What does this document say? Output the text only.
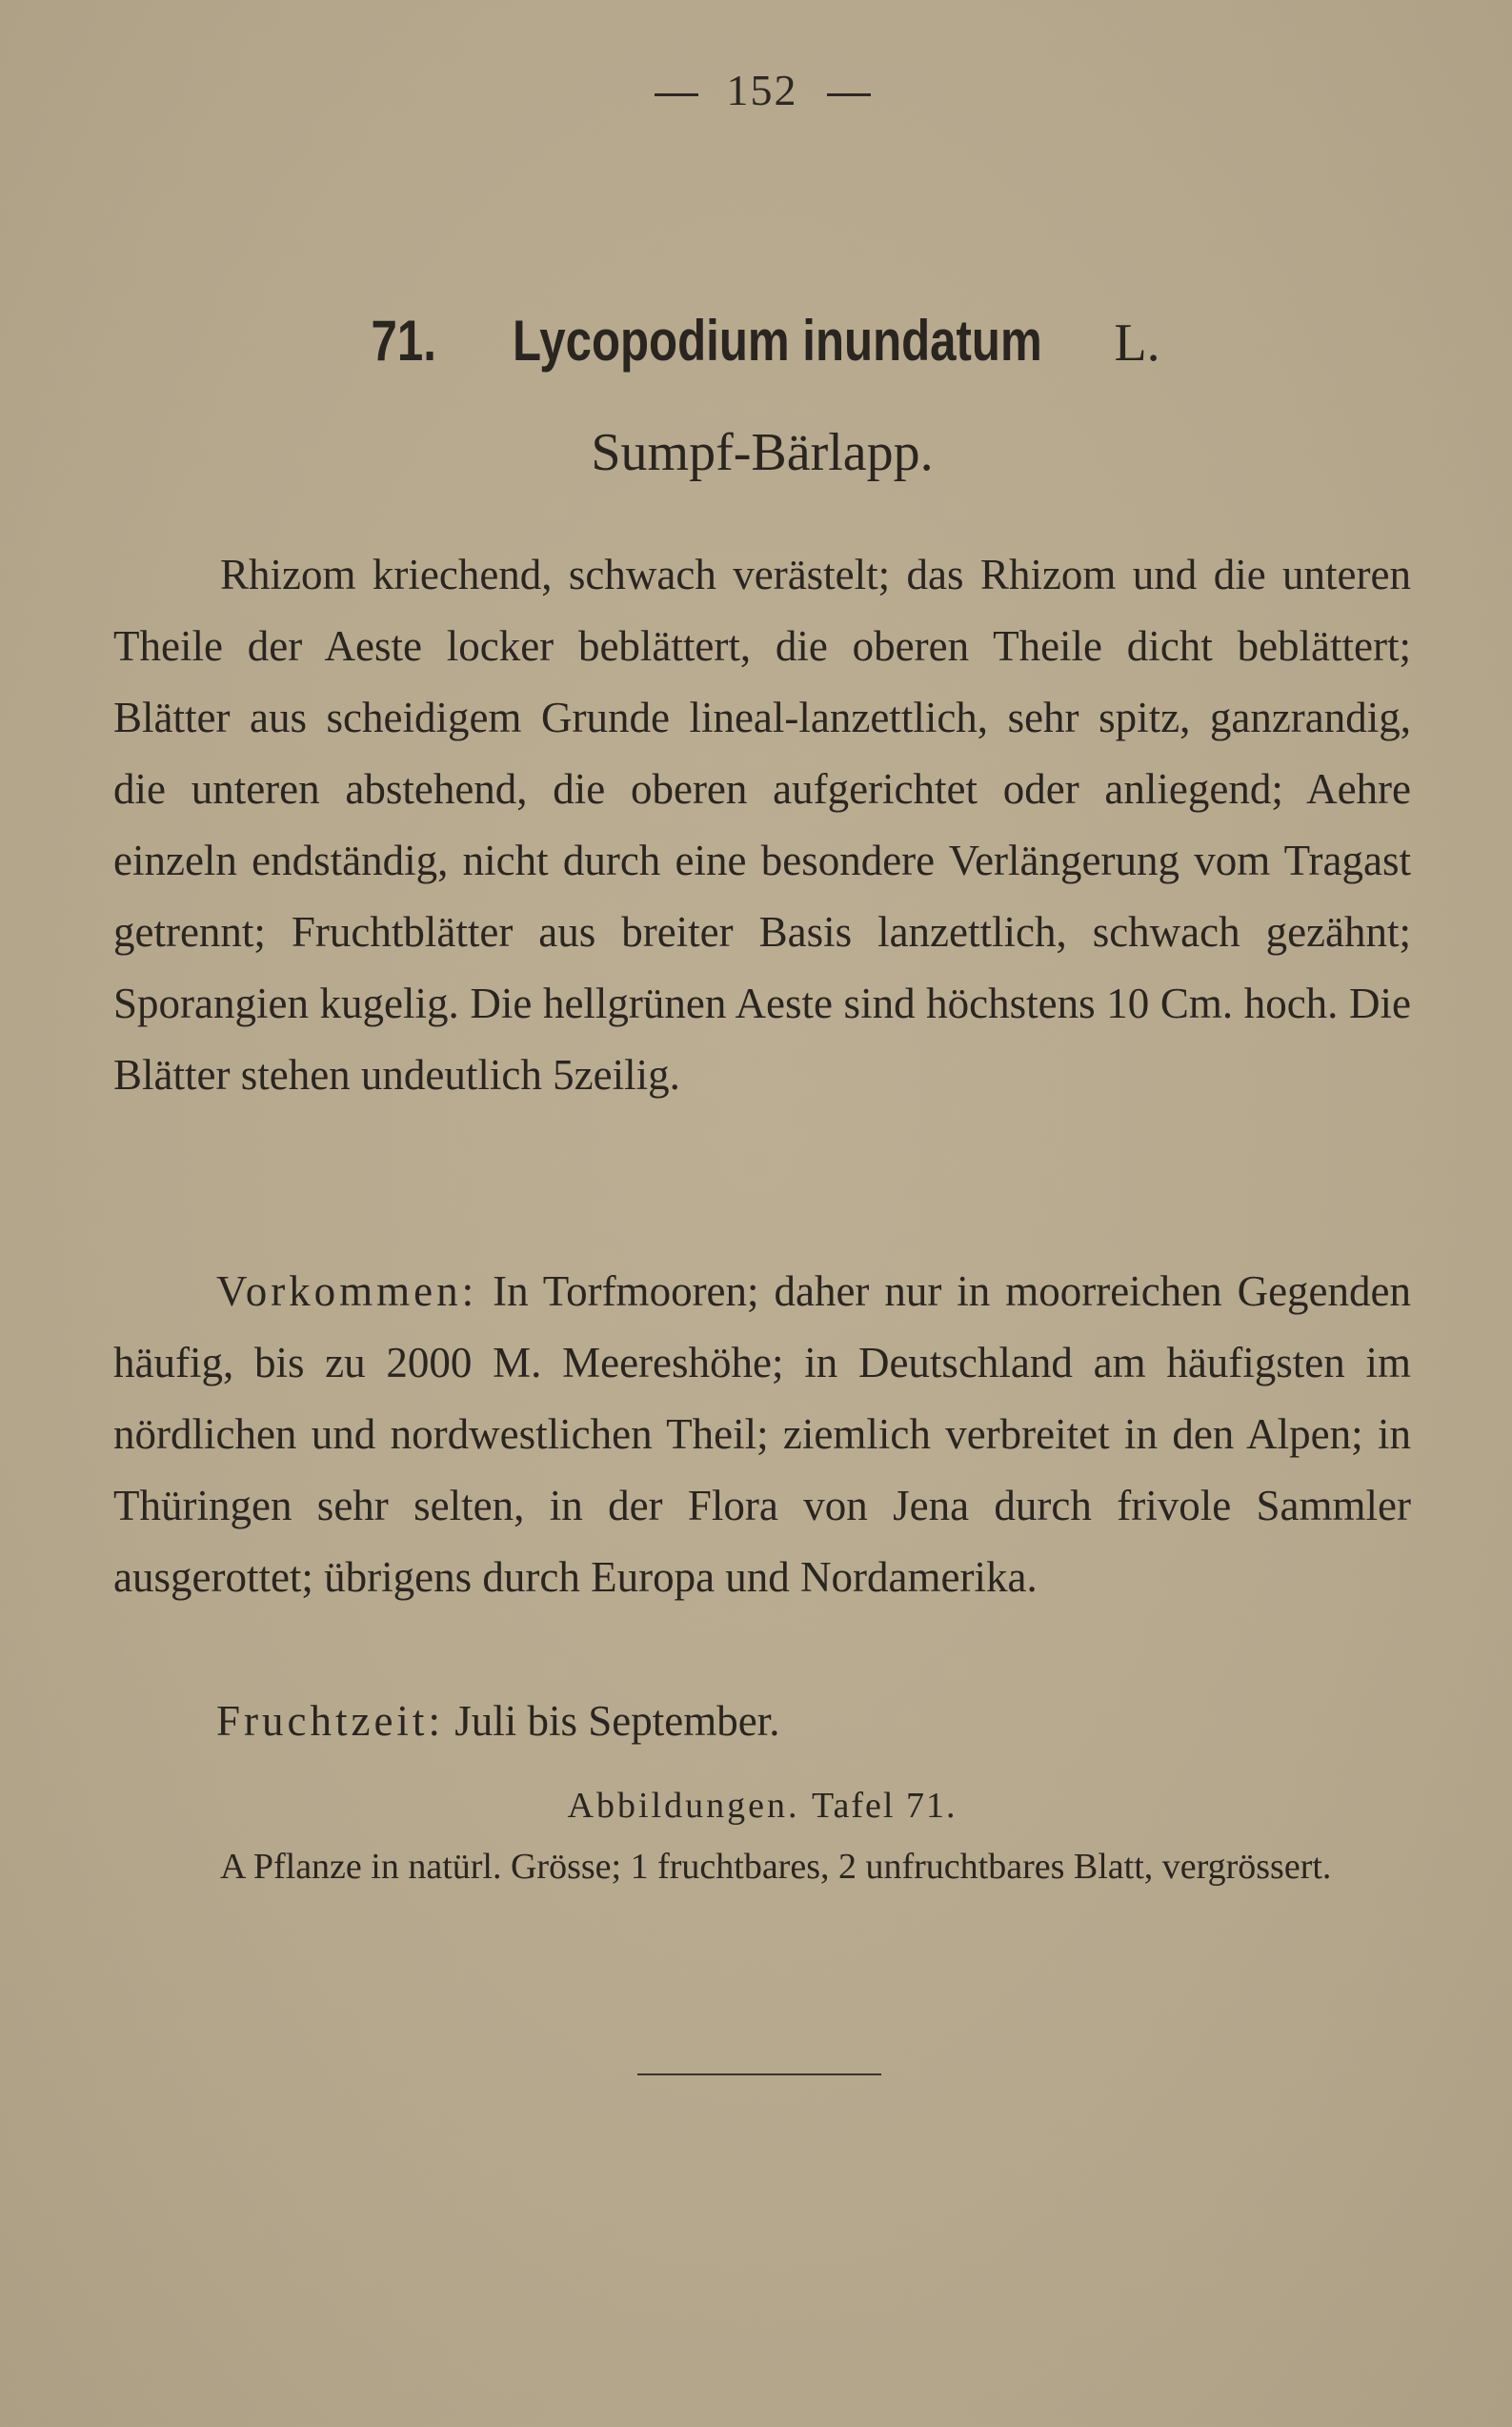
152
71. Lycopodium inundatum L.
Sumpf-Bärlapp.

Rhizom kriechend, schwach verästelt; das Rhizom und die unteren Theile der Aeste locker beblättert, die oberen Theile dicht beblättert; Blätter aus scheidigem Grunde lineal-lanzettlich, sehr spitz, ganzrandig, die unteren abstehend, die oberen aufgerichtet oder anliegend; Aehre einzeln endständig, nicht durch eine besondere Verlängerung vom Tragast getrennt; Fruchtblätter aus breiter Basis lanzettlich, schwach gezähnt; Sporangien kugelig. Die hellgrünen Aeste sind höchstens 10 Cm. hoch. Die Blätter stehen undeutlich 5zeilig.

Vorkommen: In Torfmooren; daher nur in moorreichen Gegenden häufig, bis zu 2000 M. Meereshöhe; in Deutschland am häufigsten im nördlichen und nordwestlichen Theil; ziemlich verbreitet in den Alpen; in Thüringen sehr selten, in der Flora von Jena durch frivole Sammler ausgerottet; übrigens durch Europa und Nordamerika.

Fruchtzeit: Juli bis September.

Abbildungen. Tafel 71.

A Pflanze in natürl. Grösse; 1 fruchtbares, 2 unfruchtbares Blatt, vergrössert.
